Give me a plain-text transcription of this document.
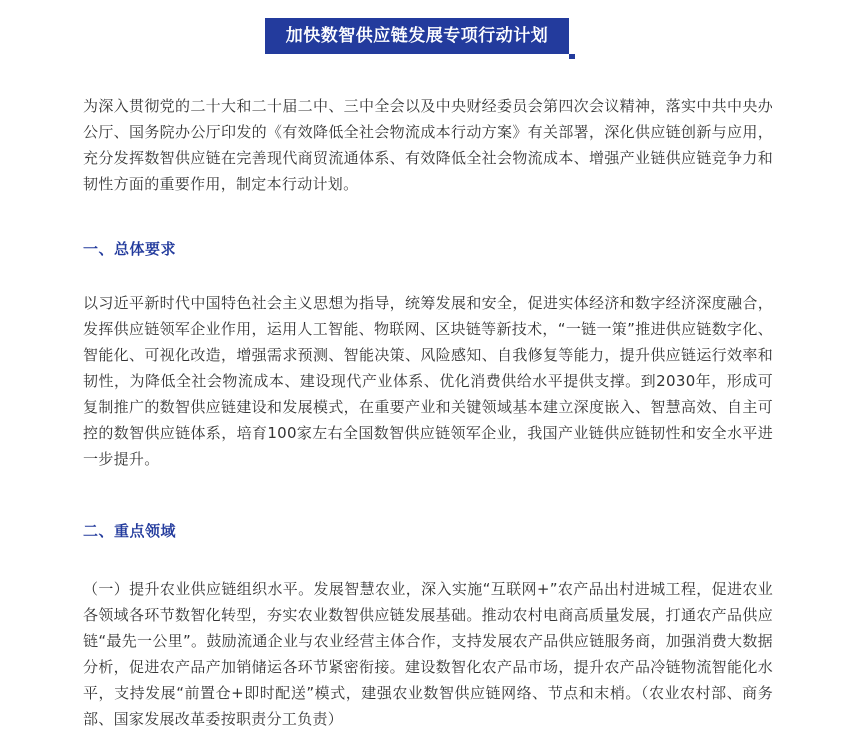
加快数智供应链发展专项行动计划

为深入贯彻党的二十大和二十届二中、三中全会以及中央财经委员会第四次会议精神，落实中共中央办公厅、国务院办公厅印发的《有效降低全社会物流成本行动方案》有关部署，深化供应链创新与应用，充分发挥数智供应链在完善现代商贸流通体系、有效降低全社会物流成本、增强产业链供应链竞争力和韧性方面的重要作用，制定本行动计划。

一、总体要求

以习近平新时代中国特色社会主义思想为指导，统筹发展和安全，促进实体经济和数字经济深度融合，发挥供应链领军企业作用，运用人工智能、物联网、区块链等新技术，“一链一策”推进供应链数字化、智能化、可视化改造，增强需求预测、智能决策、风险感知、自我修复等能力，提升供应链运行效率和韧性，为降低全社会物流成本、建设现代产业体系、优化消费供给水平提供支撑。到2030年，形成可复制推广的数智供应链建设和发展模式，在重要产业和关键领域基本建立深度嵌入、智慧高效、自主可控的数智供应链体系，培育100家左右全国数智供应链领军企业，我国产业链供应链韧性和安全水平进一步提升。

二、重点领域

（一）提升农业供应链组织水平。发展智慧农业，深入实施“互联网+”农产品出村进城工程，促进农业各领域各环节数智化转型，夯实农业数智供应链发展基础。推动农村电商高质量发展，打通农产品供应链“最先一公里”。鼓励流通企业与农业经营主体合作，支持发展农产品供应链服务商，加强消费大数据分析，促进农产品产加销储运各环节紧密衔接。建设数智化农产品市场，提升农产品冷链物流智能化水平，支持发展“前置仓+即时配送”模式，建强农业数智供应链网络、节点和末梢。（农业农村部、商务部、国家发展改革委按职责分工负责）
